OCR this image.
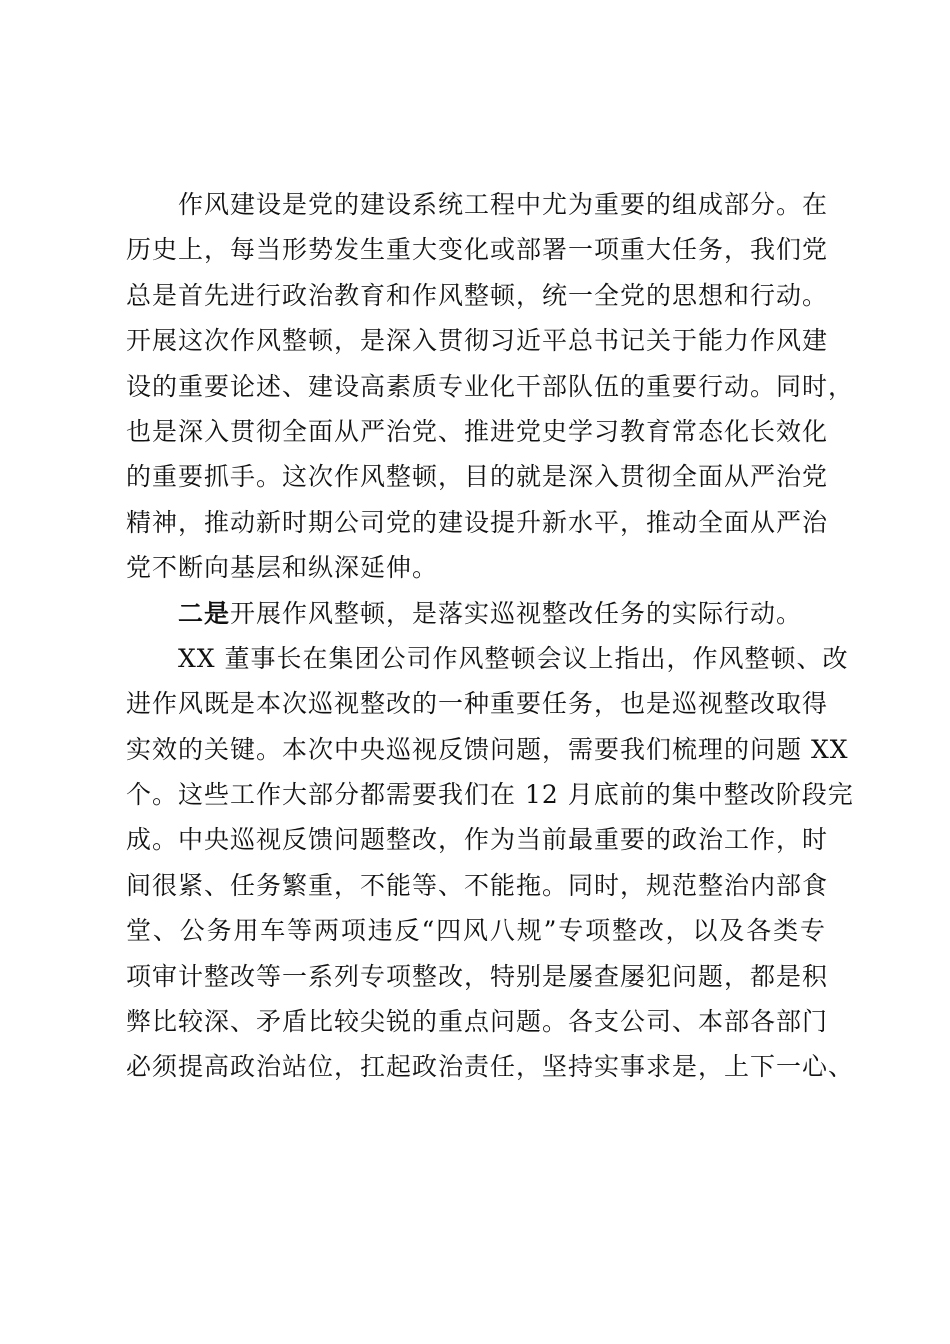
作风建设是党的建设系统工程中尤为重要的组成部分。在

历史上，每当形势发生重大变化或部署一项重大任务，我们党

总是首先进行政治教育和作风整顿，统一全党的思想和行动。

开展这次作风整顿，是深入贯彻习近平总书记关于能力作风建

设的重要论述、建设高素质专业化干部队伍的重要行动。同时，

也是深入贯彻全面从严治党、推进党史学习教育常态化长效化

的重要抓手。这次作风整顿，目的就是深入贯彻全面从严治党

精神，推动新时期公司党的建设提升新水平，推动全面从严治

党不断向基层和纵深延伸。

二是开展作风整顿，是落实巡视整改任务的实际行动。

XX 董事长在集团公司作风整顿会议上指出，作风整顿、改

进作风既是本次巡视整改的一种重要任务，也是巡视整改取得

实效的关键。本次中央巡视反馈问题，需要我们梳理的问题 XX

个。这些工作大部分都需要我们在 12 月底前的集中整改阶段完

成。中央巡视反馈问题整改，作为当前最重要的政治工作，时

间很紧、任务繁重，不能等、不能拖。同时，规范整治内部食

堂、公务用车等两项违反“四风八规”专项整改，以及各类专

项审计整改等一系列专项整改，特别是屡查屡犯问题，都是积

弊比较深、矛盾比较尖锐的重点问题。各支公司、本部各部门

必须提高政治站位，扛起政治责任，坚持实事求是，上下一心、
